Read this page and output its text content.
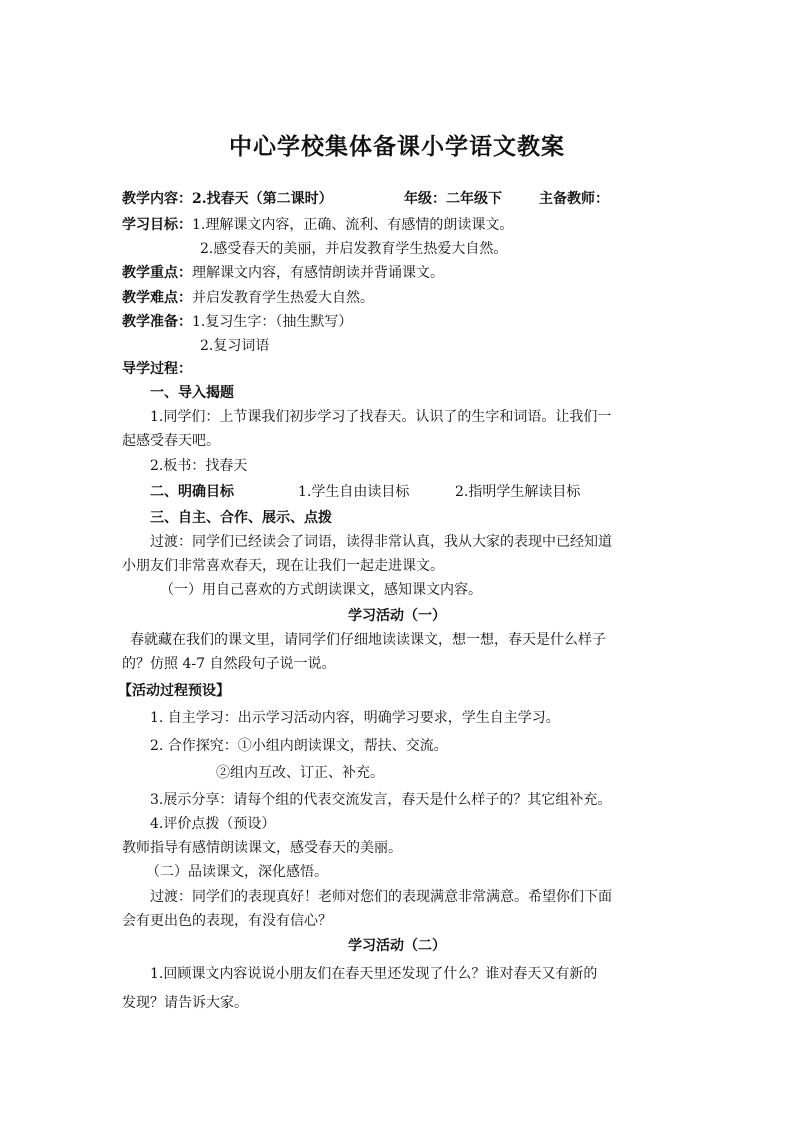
中心学校集体备课小学语文教案
教学内容：2.找春天（第二课时）	年级：二年级下	主备教师：
学习目标：1.理解课文内容，正确、流利、有感情的朗读课文。
2.感受春天的美丽，并启发教育学生热爱大自然。
教学重点：理解课文内容，有感情朗读并背诵课文。
教学难点：并启发教育学生热爱大自然。
教学准备：1.复习生字：（抽生默写）
2.复习词语
导学过程：
一、导入揭题
1.同学们：上节课我们初步学习了找春天。认识了的生字和词语。让我们一
起感受春天吧。
2.板书：找春天
二、明确目标	1.学生自由读目标	2.指明学生解读目标
三、自主、合作、展示、点拨
过渡：同学们已经读会了词语，读得非常认真，我从大家的表现中已经知道
小朋友们非常喜欢春天，现在让我们一起走进课文。
（一）用自己喜欢的方式朗读课文，感知课文内容。
学习活动（一）
春就藏在我们的课文里，请同学们仔细地读读课文，想一想，春天是什么样子
的？仿照 4-7 自然段句子说一说。
【活动过程预设】
1. 自主学习：出示学习活动内容，明确学习要求，学生自主学习。
2. 合作探究：①小组内朗读课文，帮扶、交流。
②组内互改、订正、补充。
3.展示分享：请每个组的代表交流发言，春天是什么样子的？其它组补充。
4.评价点拨（预设）
教师指导有感情朗读课文，感受春天的美丽。
（二）品读课文，深化感悟。
过渡：同学们的表现真好！老师对您们的表现满意非常满意。希望你们下面
会有更出色的表现，有没有信心？
学习活动（二）
1.回顾课文内容说说小朋友们在春天里还发现了什么？谁对春天又有新的
发现？请告诉大家。
